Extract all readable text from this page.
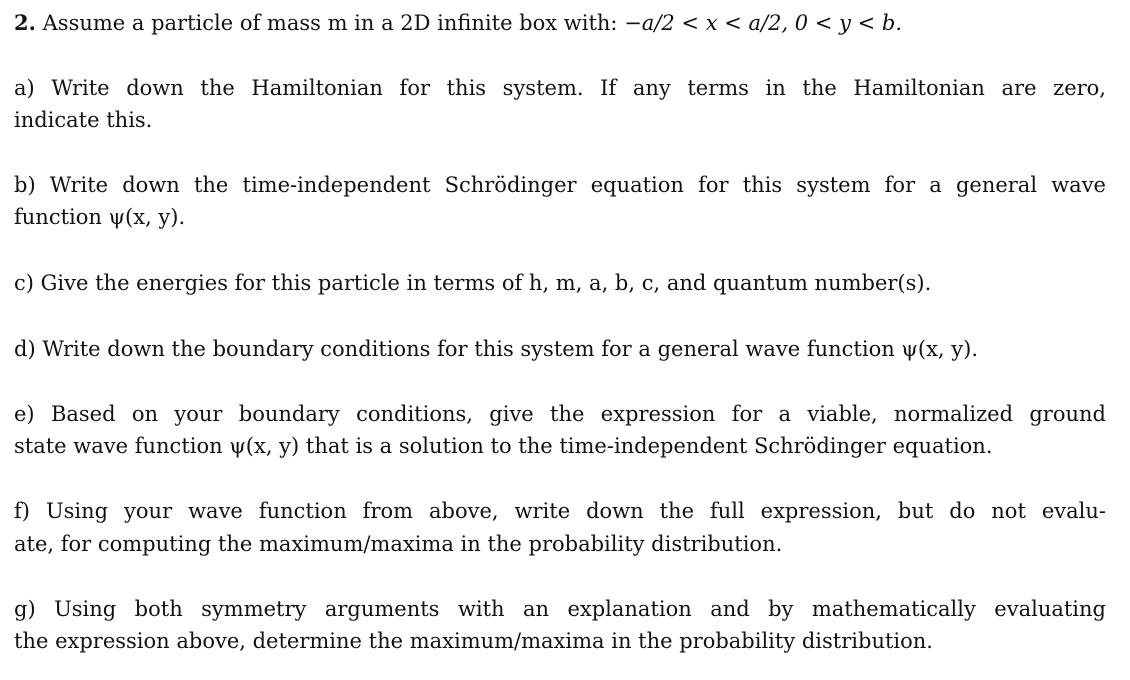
2. Assume a particle of mass m in a 2D infinite box with: −a/2 < x < a/2, 0 < y < b.
a) Write down the Hamiltonian for this system. If any terms in the Hamiltonian are zero,
indicate this.
b) Write down the time-independent Schrödinger equation for this system for a general wave
function ψ(x, y).
c) Give the energies for this particle in terms of h, m, a, b, c, and quantum number(s).
d) Write down the boundary conditions for this system for a general wave function ψ(x, y).
e) Based on your boundary conditions, give the expression for a viable, normalized ground
state wave function ψ(x, y) that is a solution to the time-independent Schrödinger equation.
f) Using your wave function from above, write down the full expression, but do not evalu-
ate, for computing the maximum/maxima in the probability distribution.
g) Using both symmetry arguments with an explanation and by mathematically evaluating
the expression above, determine the maximum/maxima in the probability distribution.
